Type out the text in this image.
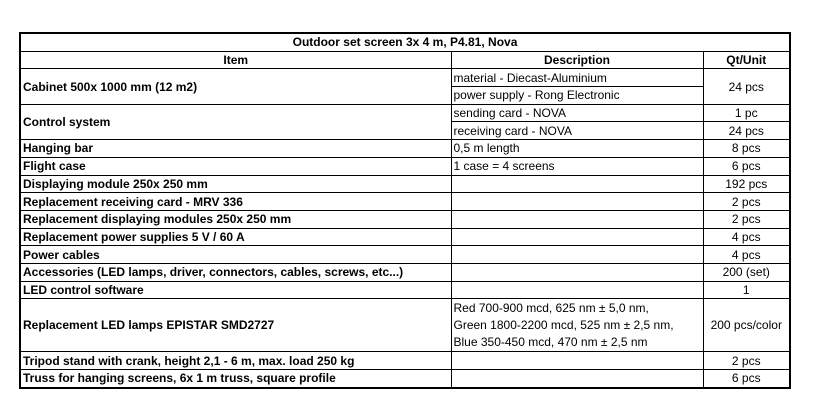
Outdoor set screen 3x 4 m, P4.81, Nova		
Item	Description	Qt/Unit
Cabinet 500x 1000 mm (12 m2)	material - Diecast-Aluminium	24 pcs
	power supply - Rong Electronic	
Control system	sending card - NOVA	1 pc
	receiving card - NOVA	24 pcs
Hanging bar	0,5 m length	8 pcs
Flight case	1 case = 4 screens	6 pcs
Displaying module 250x 250 mm		192 pcs
Replacement receiving card - MRV 336		2 pcs
Replacement displaying modules 250x 250 mm		2 pcs
Replacement power supplies 5 V / 60 A		4 pcs
Power cables		4 pcs
Accessories (LED lamps, driver, connectors, cables, screws, etc...)		200 (set)
LED control software		1
Replacement LED lamps EPISTAR SMD2727	Red 700-900 mcd, 625 nm ± 5,0 nm,
Green 1800-2200 mcd, 525 nm ± 2,5 nm,
Blue 350-450 mcd, 470 nm ± 2,5 nm	200 pcs/color
Tripod stand with crank, height 2,1 - 6 m, max. load 250 kg		2 pcs
Truss for hanging screens, 6x 1 m truss, square profile		6 pcs
